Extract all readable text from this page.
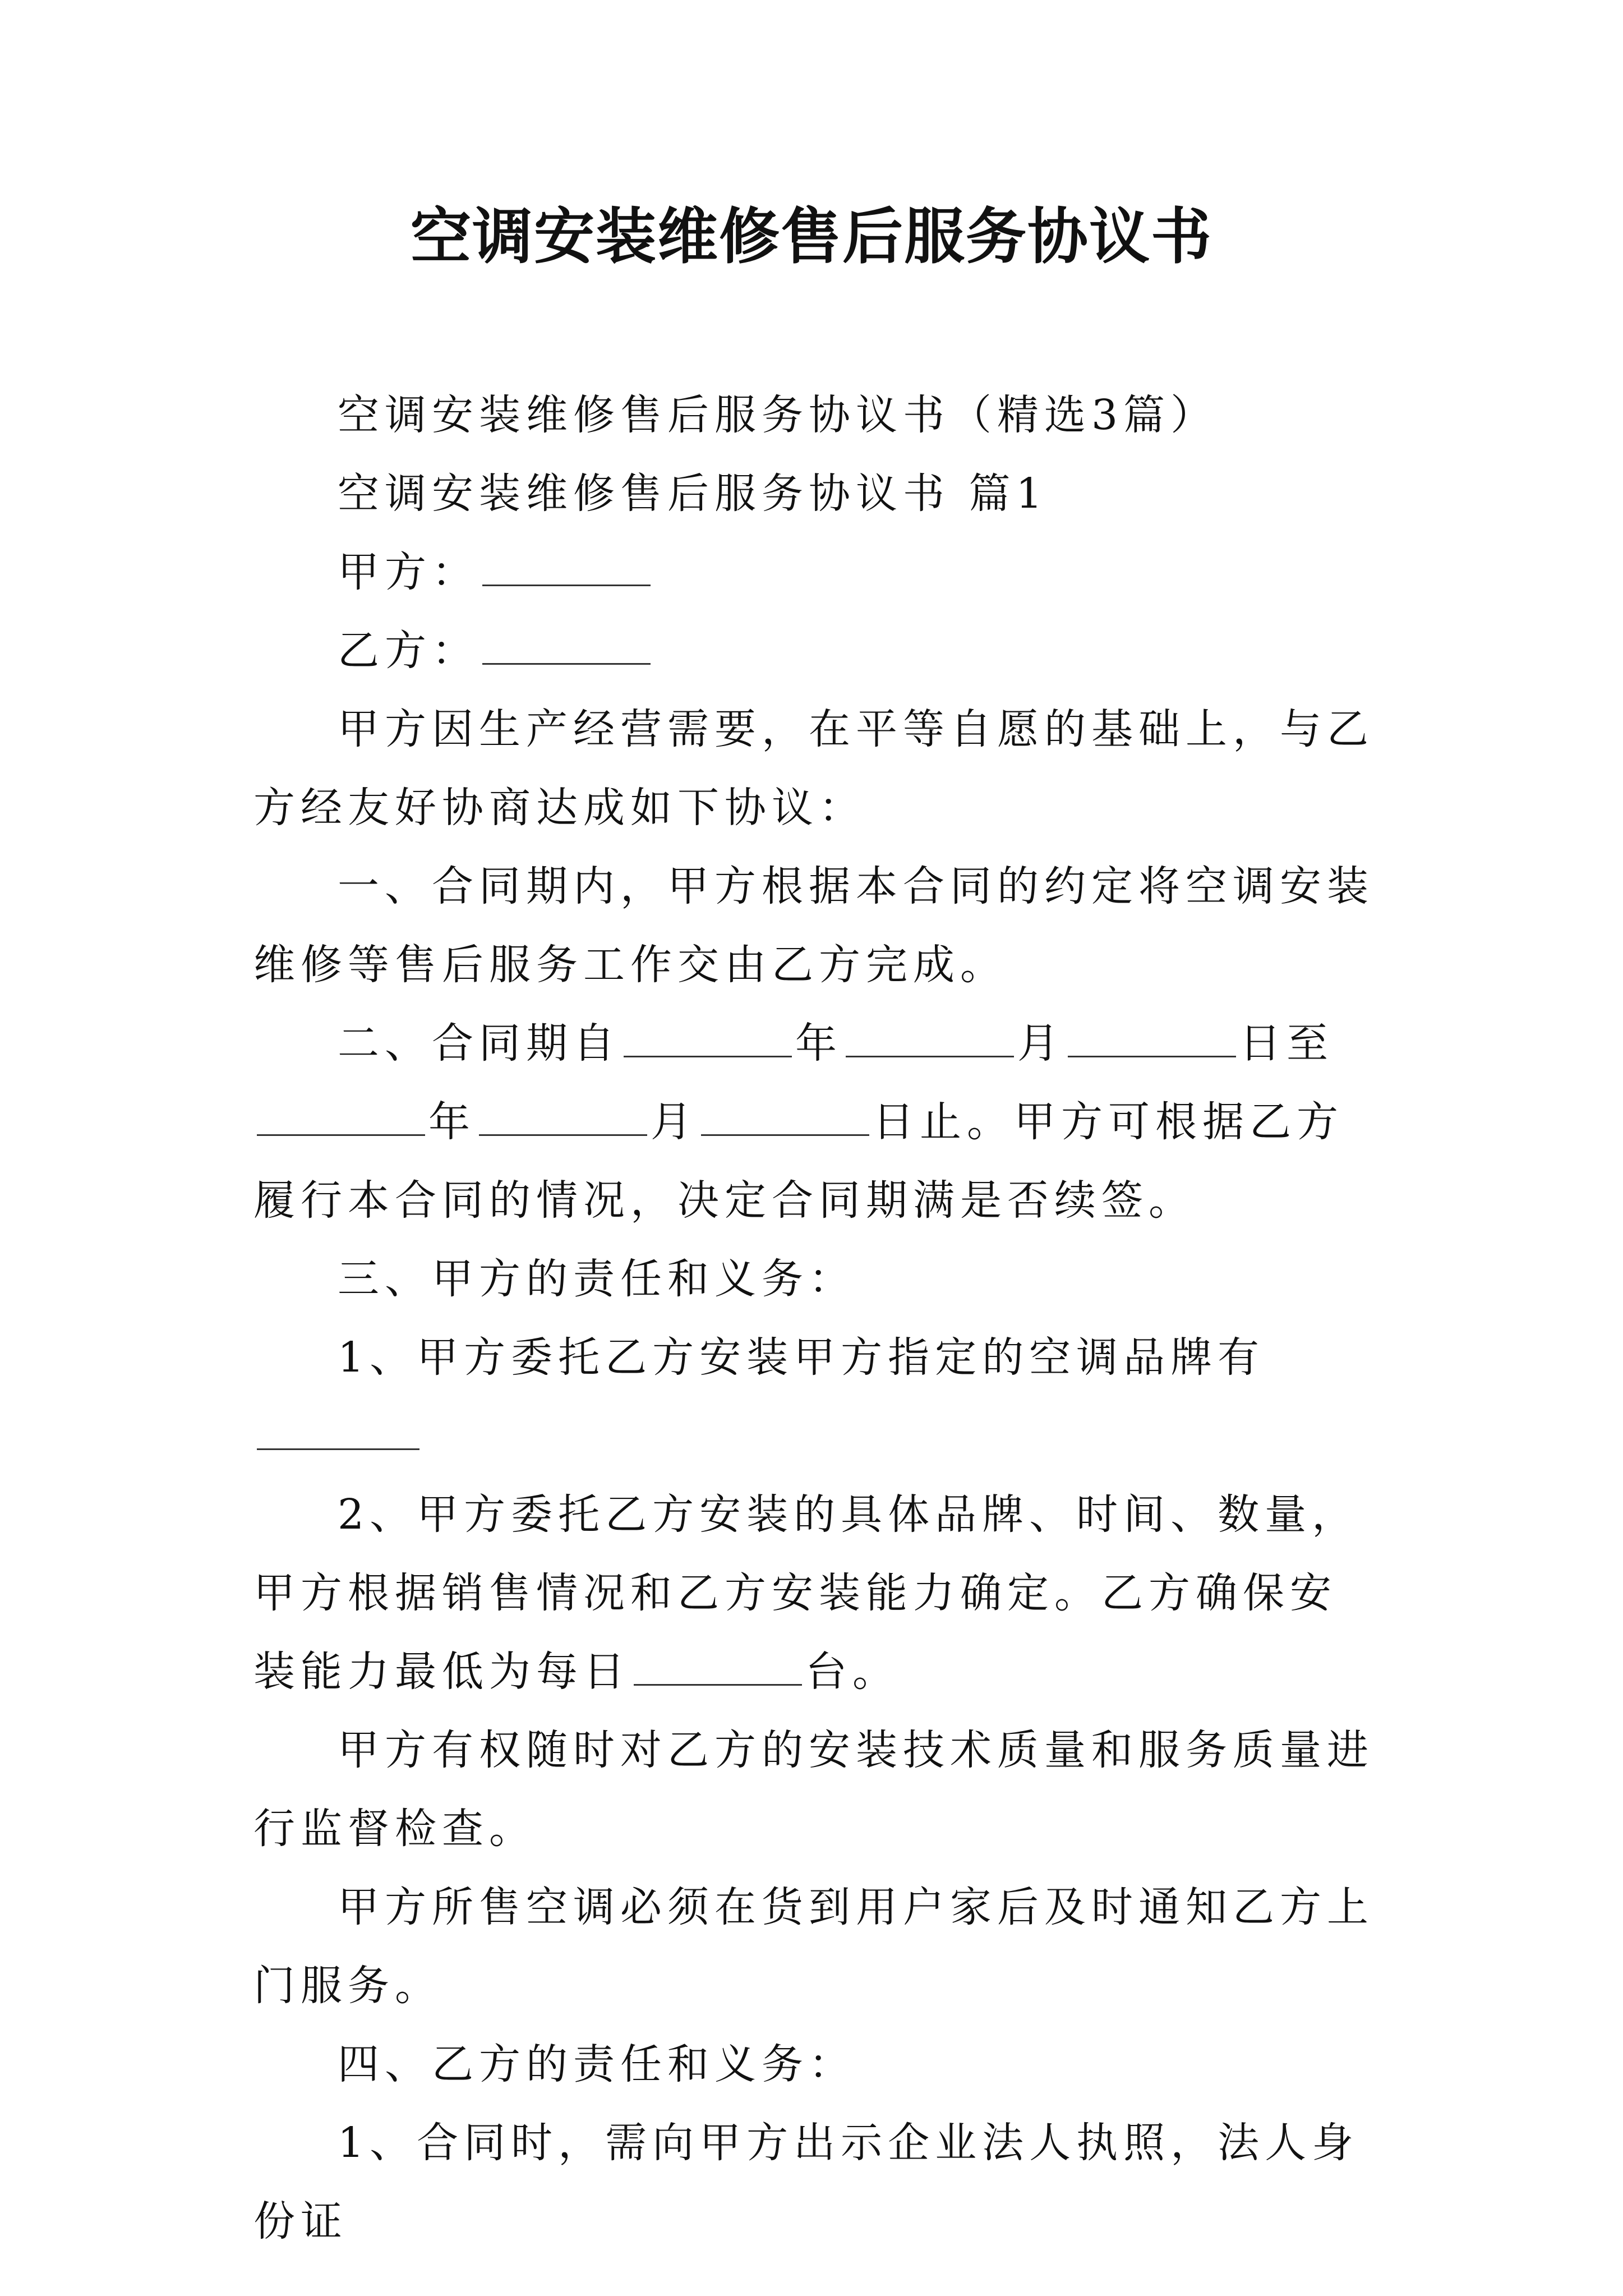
空调安装维修售后服务协议书

空调安装维修售后服务协议书（精选3篇）

空调安装维修售后服务协议书 篇1

甲方：

乙方：

甲方因生产经营需要，在平等自愿的基础上，与乙方经友好协商达成如下协议：

一、合同期内，甲方根据本合同的约定将空调安装维修等售后服务工作交由乙方完成。

二、合同期自	年	月	日至年	月	日止。甲方可根据乙方履行本合同的情况，决定合同期满是否续签。

三、甲方的责任和义务：

1、甲方委托乙方安装甲方指定的空调品牌有

2、甲方委托乙方安装的具体品牌、时间、数量，甲方根据销售情况和乙方安装能力确定。乙方确保安装能力最低为每日	台。

甲方有权随时对乙方的安装技术质量和服务质量进行监督检查。

甲方所售空调必须在货到用户家后及时通知乙方上门服务。

四、乙方的责任和义务：

1、合同时，需向甲方出示企业法人执照，法人身份证
